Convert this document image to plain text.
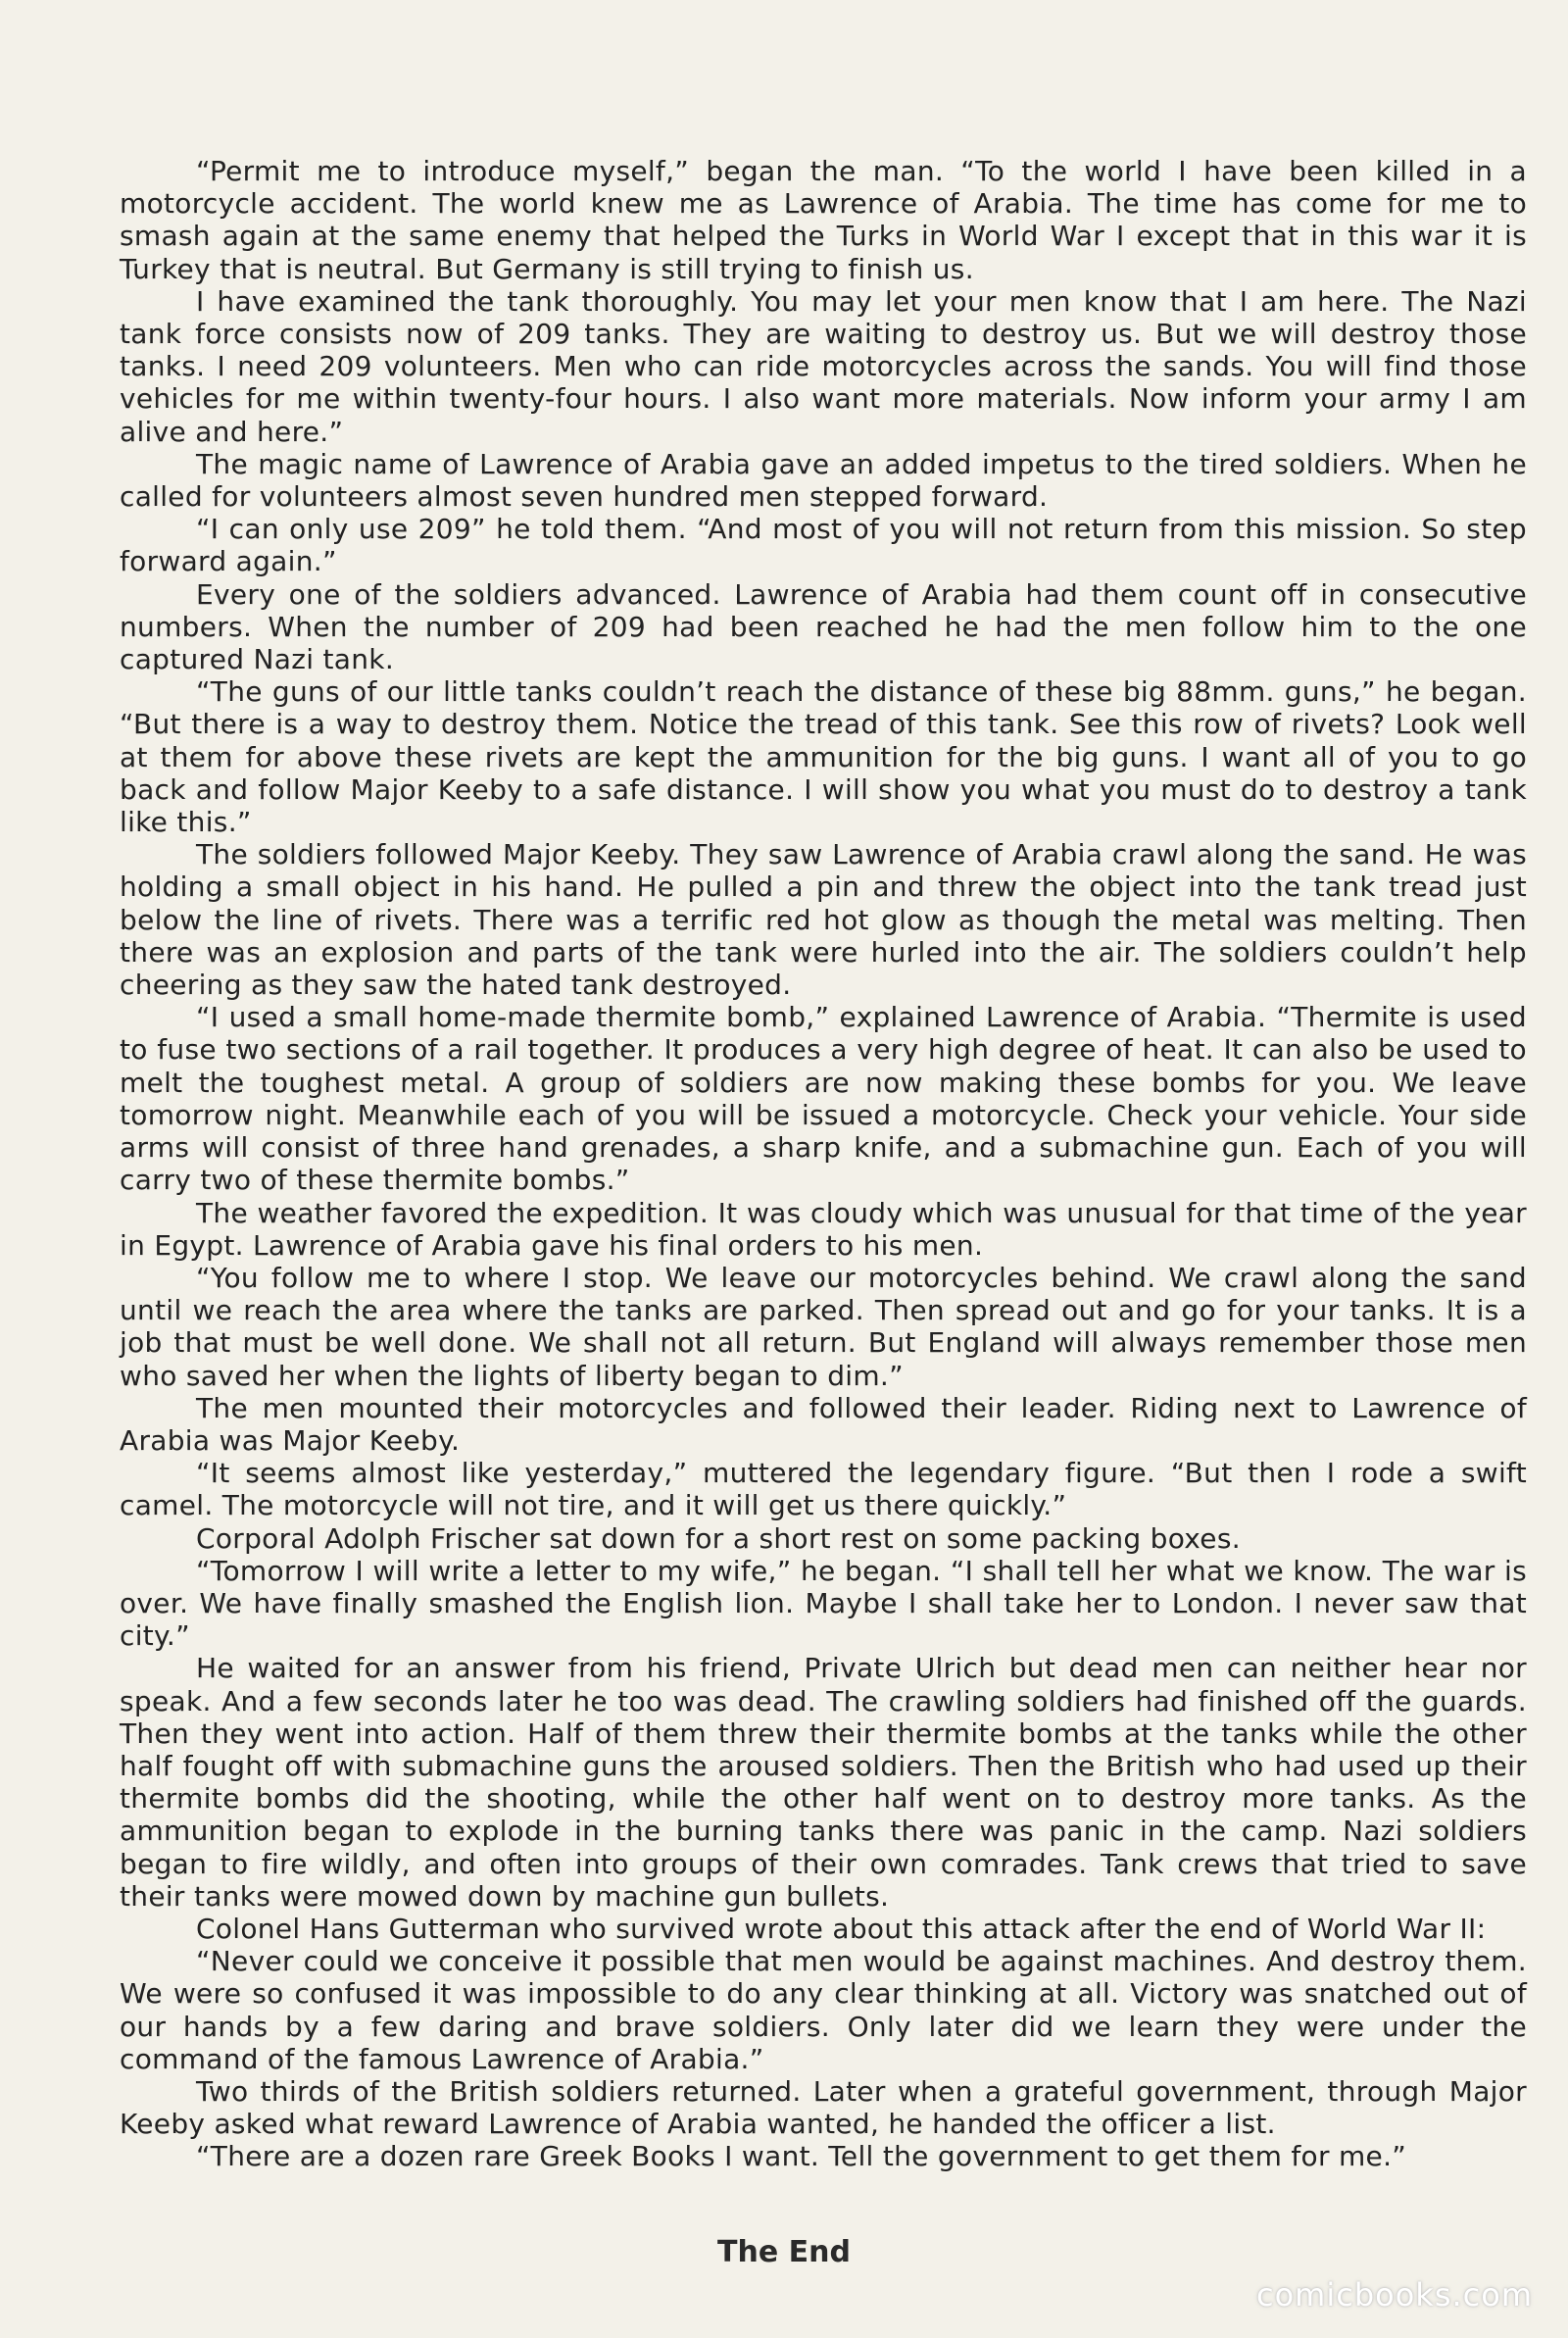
“Permit me to introduce myself,” began the man. “To the world I have been killed in a motorcycle accident. The world knew me as Lawrence of Arabia. The time has come for me to smash again at the same enemy that helped the Turks in World War I except that in this war it is Turkey that is neutral. But Germany is still trying to finish us.

I have examined the tank thoroughly. You may let your men know that I am here. The Nazi tank force consists now of 209 tanks. They are waiting to destroy us. But we will destroy those tanks. I need 209 volunteers. Men who can ride motorcycles across the sands. You will find those vehicles for me within twenty-four hours. I also want more materials. Now inform your army I am alive and here.”

The magic name of Lawrence of Arabia gave an added impetus to the tired soldiers. When he called for volunteers almost seven hundred men stepped forward.

“I can only use 209” he told them. “And most of you will not return from this mission. So step forward again.”

Every one of the soldiers advanced. Lawrence of Arabia had them count off in consecutive numbers. When the number of 209 had been reached he had the men follow him to the one captured Nazi tank.

“The guns of our little tanks couldn’t reach the distance of these big 88mm. guns,” he began. “But there is a way to destroy them. Notice the tread of this tank. See this row of rivets? Look well at them for above these rivets are kept the ammunition for the big guns. I want all of you to go back and follow Major Keeby to a safe distance. I will show you what you must do to destroy a tank like this.”

The soldiers followed Major Keeby. They saw Lawrence of Arabia crawl along the sand. He was holding a small object in his hand. He pulled a pin and threw the object into the tank tread just below the line of rivets. There was a terrific red hot glow as though the metal was melting. Then there was an explosion and parts of the tank were hurled into the air. The soldiers couldn’t help cheering as they saw the hated tank destroyed.

“I used a small home-made thermite bomb,” explained Lawrence of Arabia. “Thermite is used to fuse two sections of a rail together. It produces a very high degree of heat. It can also be used to melt the toughest metal. A group of soldiers are now making these bombs for you. We leave tomorrow night. Meanwhile each of you will be issued a motorcycle. Check your vehicle. Your side arms will consist of three hand grenades, a sharp knife, and a submachine gun. Each of you will carry two of these thermite bombs.”

The weather favored the expedition. It was cloudy which was unusual for that time of the year in Egypt. Lawrence of Arabia gave his final orders to his men.

“You follow me to where I stop. We leave our motorcycles behind. We crawl along the sand until we reach the area where the tanks are parked. Then spread out and go for your tanks. It is a job that must be well done. We shall not all return. But England will always remember those men who saved her when the lights of liberty began to dim.”

The men mounted their motorcycles and followed their leader. Riding next to Lawrence of Arabia was Major Keeby.

“It seems almost like yesterday,” muttered the legendary figure. “But then I rode a swift camel. The motorcycle will not tire, and it will get us there quickly.”

Corporal Adolph Frischer sat down for a short rest on some packing boxes.

“Tomorrow I will write a letter to my wife,” he began. “I shall tell her what we know. The war is over. We have finally smashed the English lion. Maybe I shall take her to London. I never saw that city.”

He waited for an answer from his friend, Private Ulrich but dead men can neither hear nor speak. And a few seconds later he too was dead. The crawling soldiers had finished off the guards. Then they went into action. Half of them threw their thermite bombs at the tanks while the other half fought off with submachine guns the aroused soldiers. Then the British who had used up their thermite bombs did the shooting, while the other half went on to destroy more tanks. As the ammunition began to explode in the burning tanks there was panic in the camp. Nazi soldiers began to fire wildly, and often into groups of their own comrades. Tank crews that tried to save their tanks were mowed down by machine gun bullets.

Colonel Hans Gutterman who survived wrote about this attack after the end of World War II:

“Never could we conceive it possible that men would be against machines. And destroy them. We were so confused it was impossible to do any clear thinking at all. Victory was snatched out of our hands by a few daring and brave soldiers. Only later did we learn they were under the command of the famous Lawrence of Arabia.”

Two thirds of the British soldiers returned. Later when a grateful government, through Major Keeby asked what reward Lawrence of Arabia wanted, he handed the officer a list.

“There are a dozen rare Greek Books I want. Tell the government to get them for me.”

The End
comicbooks.com
